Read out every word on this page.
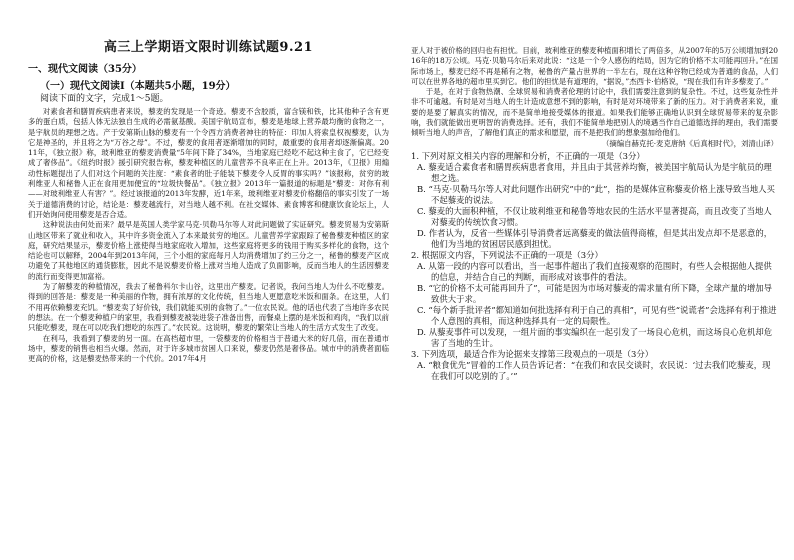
高三上学期语文限时训练试题9.21
一、现代文阅读（35分）
（一）现代文阅读Ⅰ（本题共5小题，19分）
阅读下面的文字，完成1～5题。

对素食者和膳胃疾病患者来说，藜麦的发现是一个奇迹。藜麦不含胶质，富含镁和铁，比其他种子含有更多的蛋白质，包括人体无法独自生成的必需氨基酸。美国宇航局宣布，藜麦是地球上营养最均衡的食物之一，是宇航员的理想之选。产于安第斯山脉的藜麦有一个令西方消费者神往的特征：印加人将索皇权视藜麦，认为它是神圣的，并且将之为“万谷之母”。不过，藜麦的食用者逐渐增加的同时，最重要的食用者却逐渐偏离。2011年，《独立报》称，玻利维亚的藜麦消费量“5年间下降了34%，当地家庭已经吃不起这种主食了，它已经变成了奢侈品”。《纽约时报》援引研究报告称，藜麦种植区的儿童营养不良率正在上升。2013年，《卫报》用煽动性标题提出了人们对这个问题的关注度：“素食者的肚子能装下藜麦令人反胃的事实吗？”该报称，贫穷的玻利维亚人和秘鲁人正在食用更加便宜的“垃圾快餐品”。《独立报》2013年一篇报道的标题是“藜麦：对你有利——对玻利维亚人有害？”。经过该报道的2013年发酵，近1年来，玻利维亚对藜麦价格翻倍的事实引发了一场关于道德消费的讨论，结论是：藜麦越流行，对当地人越不利。在社交媒体、素食博客和健康饮食论坛上，人们开始询问使用藜麦是否合适。

这种说法由何处而来？最早是英国人类学家马克·贝勒马尔等人对此问题做了实证研究。藜麦贸易为安第斯山地区带来了就业和收入，其中许多资金流入了本来最贫穷的地区。儿童营养学家跟踪了秘鲁藜麦种植区的家庭，研究结果显示，藜麦价格上涨使得当地家庭收入增加，这些家庭将更多的钱用于购买多样化的食物，这个结论也可以解释，2004年到2013年间，三个小组的家庭每月人均消费增加了约三分之一，秘鲁的藜麦产区成功避免了其他地区的通货膨胀，因此不是说藜麦价格上涨对当地人造成了负面影响，反而当地人的生活因藜麦的流行而变得更加富裕。

为了解藜麦的种植情况，我去了秘鲁科尔卡山谷，这里出产藜麦。记者说，我问当地人为什么不吃藜麦。得到的回答是：藜麦是一种美丽的作物，拥有浓厚的文化传统，但当地人更愿意吃米饭和面条。在这里，人们不用再依赖藜麦充饥。“藜麦卖了好价钱，我们就能买别的食物了。”一位农民说。他的话也代表了当地许多农民的想法。在一个藜麦种植户的家里，我看到藜麦被装进袋子准备出售，而餐桌上摆的是米饭和鸡肉，“我们以前只能吃藜麦，现在可以吃我们想吃的东西了。”农民说。这说明，藜麦的繁荣让当地人的生活方式发生了改变。

在利马，我看到了藜麦的另一面。在高档超市里，一袋藜麦的价格相当于普通大米的好几倍，而在普通市场中，藜麦的销售也相当火爆。然而，对于许多城市贫困人口来说，藜麦仍然是奢侈品。城市中的消费者面临更高的价格，这是藜麦热带来的一个代价。2017年4月

亚人对于被价格的回归也有担忧。目前，玻利维亚的藜麦种植面积增长了两倍多，从2007年的5万公顷增加到2016年的18万公顷。马克·贝勒马尔后来对此说：“这是一个令人感伤的结局，因为它的价格不太可能再回升。”在国际市场上，藜麦已经不再是稀有之物，秘鲁的产量占世界的一半左右，现在这种谷物已经成为普通的食品，人们可以在世界各地的超市里买到它。他们的担忧是有道理的，“据说，”杰西卡·伯格说，“现在我们有许多藜麦了。”

于是，在对于食物热潮、全球贸易和消费者伦理的讨论中，我们需要注意到的复杂性。不过，这些复杂性并非不可逾越。有时是对当地人的生计造成意想不到的影响，有时是对环境带来了新的压力。对于消费者来说，重要的是要了解真实的情况，而不是简单地接受媒体的报道。如果我们能够正确地认识到全球贸易带来的复杂影响，我们就能做出更明智的消费选择。还有，我们不能简单地把别人的境遇当作自己道德选择的理由，我们需要倾听当地人的声音，了解他们真正的需求和愿望，而不是把我们的想象强加给他们。

（摘编自赫克托·麦克唐纳《后真相时代》，刘清山译）

1. 下列对原文相关内容的理解和分析，不正确的一项是（3分）

A. 藜麦适合素食者和膳胃疾病患者食用，并且由于其营养均衡，被美国宇航局认为是宇航员的理想之选。

B. “马克·贝勒马尔等人对此问题作出研究”中的“此”，指的是媒体宣称藜麦价格上涨导致当地人买不起藜麦的说法。

C. 藜麦的大面积种植，不仅让玻利维亚和秘鲁等地农民的生活水平显著提高，而且改变了当地人对藜麦的传统饮食习惯。

D. 作者认为，反省一些媒体引导消费者远离藜麦的做法值得商榷，但是其出发点却不是恶意的，他们为当地的贫困居民感到担忧。

2. 根据原文内容，下列说法不正确的一项是（3分）

A. 从第一段的内容可以看出，当一起事件超出了我们直接观察的范围时，有些人会根据他人提供的信息，并结合自己的判断，而形成对该事件的看法。

B. “它的价格不太可能再回升了”，可能是因为市场对藜麦的需求量有所下降，全球产量的增加导致供大于求。

C. “每个新手批评者”都知道如何批选择有利于自己的真相”，可见有些“说谎者”会选择有利于推进个人意图的真相，而这种选择具有一定的局限性。

D. 从藜麦事件可以发现，一组片面的事实编织在一起引发了一场良心危机，而这场良心危机却危害了当地的生计。

3. 下列选项，最适合作为论据来支撑第三段观点的一项是（3分）

A. “粮食优先”冒着的工作人员告诉记者：“在我们和农民交谈时，农民说：‘过去我们吃藜麦，现在我们可以吃别的了。’”
